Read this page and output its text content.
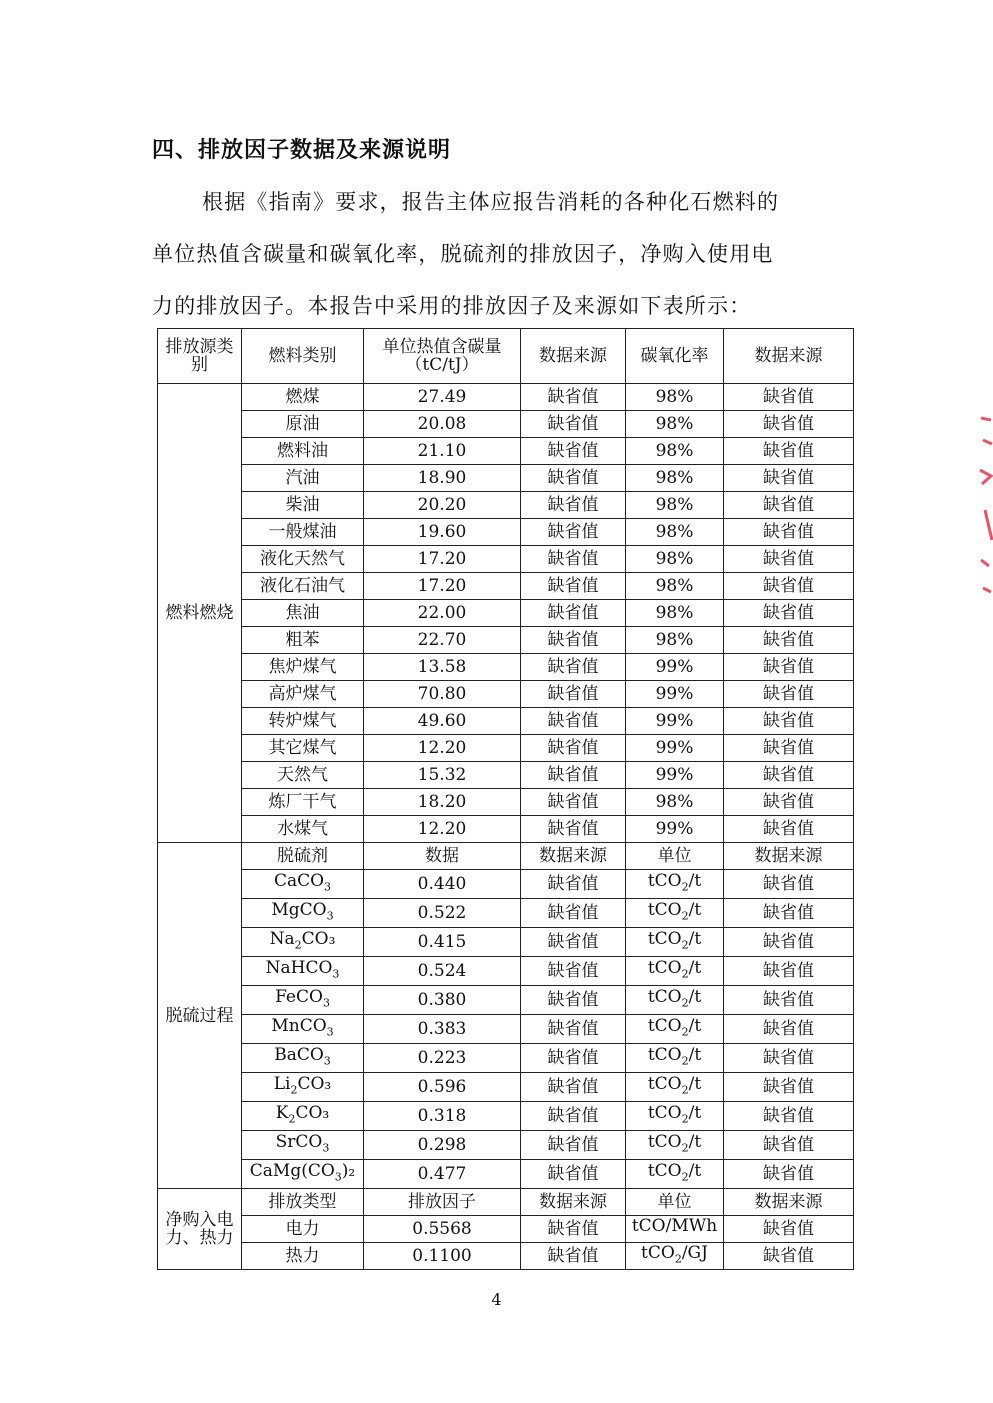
四、排放因子数据及来源说明

根据《指南》要求，报告主体应报告消耗的各种化石燃料的

单位热值含碳量和碳氧化率，脱硫剂的排放因子，净购入使用电

力的排放因子。本报告中采用的排放因子及来源如下表所示：

排放源类别	燃料类别	单位热值含碳量（tC/tJ）	数据来源	碳氧化率	数据来源
燃料燃烧	燃煤	27.49	缺省值	98%	缺省值
	原油	20.08	缺省值	98%	缺省值
	燃料油	21.10	缺省值	98%	缺省值
	汽油	18.90	缺省值	98%	缺省值
	柴油	20.20	缺省值	98%	缺省值
	一般煤油	19.60	缺省值	98%	缺省值
	液化天然气	17.20	缺省值	98%	缺省值
	液化石油气	17.20	缺省值	98%	缺省值
	焦油	22.00	缺省值	98%	缺省值
	粗苯	22.70	缺省值	98%	缺省值
	焦炉煤气	13.58	缺省值	99%	缺省值
	高炉煤气	70.80	缺省值	99%	缺省值
	转炉煤气	49.60	缺省值	99%	缺省值
	其它煤气	12.20	缺省值	99%	缺省值
	天然气	15.32	缺省值	99%	缺省值
	炼厂干气	18.20	缺省值	98%	缺省值
	水煤气	12.20	缺省值	99%	缺省值
脱硫过程	脱硫剂	数据	数据来源	单位	数据来源
	CaCO$_3$	0.440	缺省值	tCO$_2$/t	缺省值
	MgCO$_3$	0.522	缺省值	tCO$_2$/t	缺省值
	$Na_2CO_3$	0.415	缺省值	tCO$_2$/t	缺省值
	NaHCO$_3$	0.524	缺省值	tCO$_2$/t	缺省值
	FeCO$_3$	0.380	缺省值	tCO$_2$/t	缺省值
	MnCO$_3$	0.383	缺省值	tCO$_2$/t	缺省值
	BaCO$_3$	0.223	缺省值	tCO$_2$/t	缺省值
	$Li_2CO_3$	0.596	缺省值	tCO$_2$/t	缺省值
	$K_2CO_3$	0.318	缺省值	tCO$_2$/t	缺省值
	SrCO$_3$	0.298	缺省值	tCO$_2$/t	缺省值
	$CaMg(CO_3)_2$	0.477	缺省值	tCO$_2$/t	缺省值
净购入电力、热力	排放类型	排放因子	数据来源	单位	数据来源
	电力	0.5568	缺省值	tCO/MWh	缺省值
	热力	0.1100	缺省值	tCO$_2$/GJ	缺省值
4
